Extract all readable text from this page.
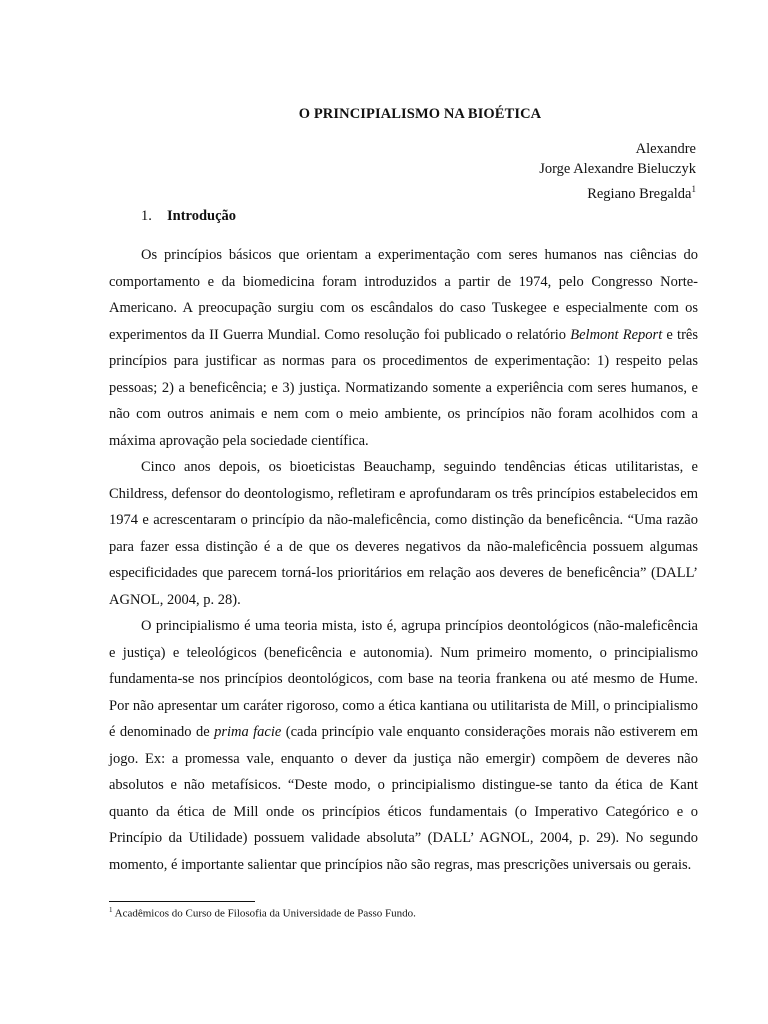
O PRINCIPIALISMO NA BIOÉTICA
Alexandre
Jorge Alexandre Bieluczyk
Regiano Bregalda$^1$
1. Introdução

Os princípios básicos que orientam a experimentação com seres humanos nas ciências do comportamento e da biomedicina foram introduzidos a partir de 1974, pelo Congresso Norte-Americano. A preocupação surgiu com os escândalos do caso Tuskegee e especialmente com os experimentos da II Guerra Mundial. Como resolução foi publicado o relatório Belmont Report e três princípios para justificar as normas para os procedimentos de experimentação: 1) respeito pelas pessoas; 2) a beneficência; e 3) justiça. Normatizando somente a experiência com seres humanos, e não com outros animais e nem com o meio ambiente, os princípios não foram acolhidos com a máxima aprovação pela sociedade científica.

Cinco anos depois, os bioeticistas Beauchamp, seguindo tendências éticas utilitaristas, e Childress, defensor do deontologismo, refletiram e aprofundaram os três princípios estabelecidos em 1974 e acrescentaram o princípio da não-maleficência, como distinção da beneficência. “Uma razão para fazer essa distinção é a de que os deveres negativos da não-maleficência possuem algumas especificidades que parecem torná-los prioritários em relação aos deveres de beneficência” (DALL’ AGNOL, 2004, p. 28).

O principialismo é uma teoria mista, isto é, agrupa princípios deontológicos (não-maleficência e justiça) e teleológicos (beneficência e autonomia). Num primeiro momento, o principialismo fundamenta-se nos princípios deontológicos, com base na teoria frankena ou até mesmo de Hume. Por não apresentar um caráter rigoroso, como a ética kantiana ou utilitarista de Mill, o principialismo é denominado de prima facie (cada princípio vale enquanto considerações morais não estiverem em jogo. Ex: a promessa vale, enquanto o dever da justiça não emergir) compõem de deveres não absolutos e não metafísicos. “Deste modo, o principialismo distingue-se tanto da ética de Kant quanto da ética de Mill onde os princípios éticos fundamentais (o Imperativo Categórico e o Princípio da Utilidade) possuem validade absoluta” (DALL’ AGNOL, 2004, p. 29). No segundo momento, é importante salientar que princípios não são regras, mas prescrições universais ou gerais.

$^1$ Acadêmicos do Curso de Filosofia da Universidade de Passo Fundo.
